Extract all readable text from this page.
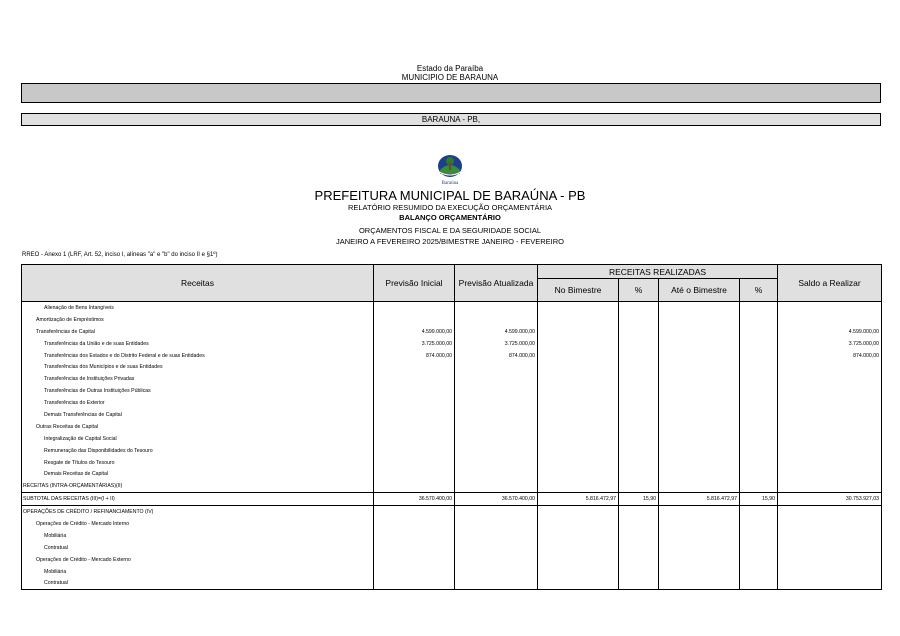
Estado da Paraíba
MUNICIPIO DE BARAUNA
BARAUNA - PB,
Baraúna
PREFEITURA MUNICIPAL DE BARAÚNA - PB
RELATÓRIO RESUMIDO DA EXECUÇÃO ORÇAMENTÁRIA
BALANÇO ORÇAMENTÁRIO
ORÇAMENTOS FISCAL E DA SEGURIDADE SOCIAL
JANEIRO A FEVEREIRO 2025/BIMESTRE JANEIRO - FEVEREIRO
RREO - Anexo 1 (LRF, Art. 52, inciso I, alíneas "a" e "b" do inciso II e §1º)
Receitas	Previsão Inicial	Previsão Atualizada	RECEITAS REALIZADAS				Saldo a Realizar
			No Bimestre	%	Até o Bimestre	%	
Alienação de Bens Intangíveis							
Amortização de Empréstimos							
Transferências de Capital	4.599.000,00	4.599.000,00					4.599.000,00
Transferências da União e de suas Entidades	3.725.000,00	3.725.000,00					3.725.000,00
Transferências dos Estados e do Distrito Federal e de suas Entidades	874.000,00	874.000,00					874.000,00
Transferências dos Municípios e de suas Entidades							
Transferências de Instituições Privadas							
Transferências de Outras Instituições Públicas							
Transferências do Exterior							
Demais Transferências de Capital							
Outras Receitas de Capital							
Integralização de Capital Social							
Remuneração das Disponibilidades do Tesouro							
Resgate de Títulos do Tesouro							
Demais Receitas de Capital							
RECEITAS (INTRA-ORÇAMENTÁRIAS)(II)							
SUBTOTAL DAS RECEITAS (III)=(I + II)	36.570.400,00	36.570.400,00	5.816.472,97	15,90	5.816.472,97	15,90	30.753.927,03
OPERAÇÕES DE CRÉDITO / REFINANCIAMENTO (IV)							
Operações de Crédito - Mercado Interno							
Mobiliária							
Contratual							
Operações de Crédito - Mercado Externo							
Mobiliária							
Contratual							
